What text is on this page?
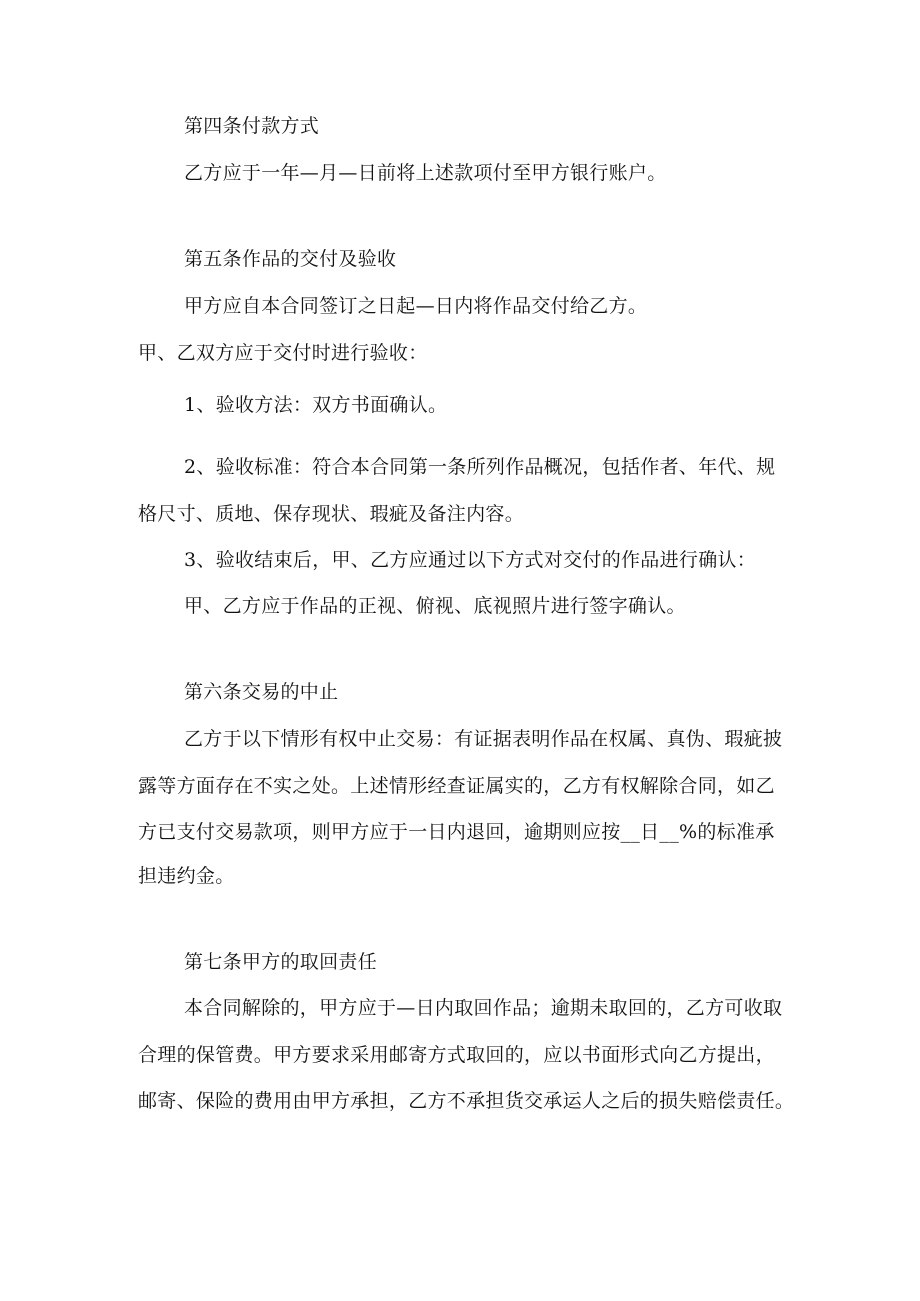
第四条付款方式
乙方应于一年—月—日前将上述款项付至甲方银行账户。
第五条作品的交付及验收
甲方应自本合同签订之日起—日内将作品交付给乙方。
甲、乙双方应于交付时进行验收：
1、验收方法：双方书面确认。
2、验收标准：符合本合同第一条所列作品概况，包括作者、年代、规
格尺寸、质地、保存现状、瑕疵及备注内容。
3、验收结束后，甲、乙方应通过以下方式对交付的作品进行确认：
甲、乙方应于作品的正视、俯视、底视照片进行签字确认。
第六条交易的中止
乙方于以下情形有权中止交易：有证据表明作品在权属、真伪、瑕疵披
露等方面存在不实之处。上述情形经查证属实的，乙方有权解除合同，如乙
方已支付交易款项，则甲方应于一日内退回，逾期则应按__日__%的标准承
担违约金。
第七条甲方的取回责任
本合同解除的，甲方应于—日内取回作品；逾期未取回的，乙方可收取
合理的保管费。甲方要求采用邮寄方式取回的，应以书面形式向乙方提出，
邮寄、保险的费用由甲方承担，乙方不承担货交承运人之后的损失赔偿责任。
